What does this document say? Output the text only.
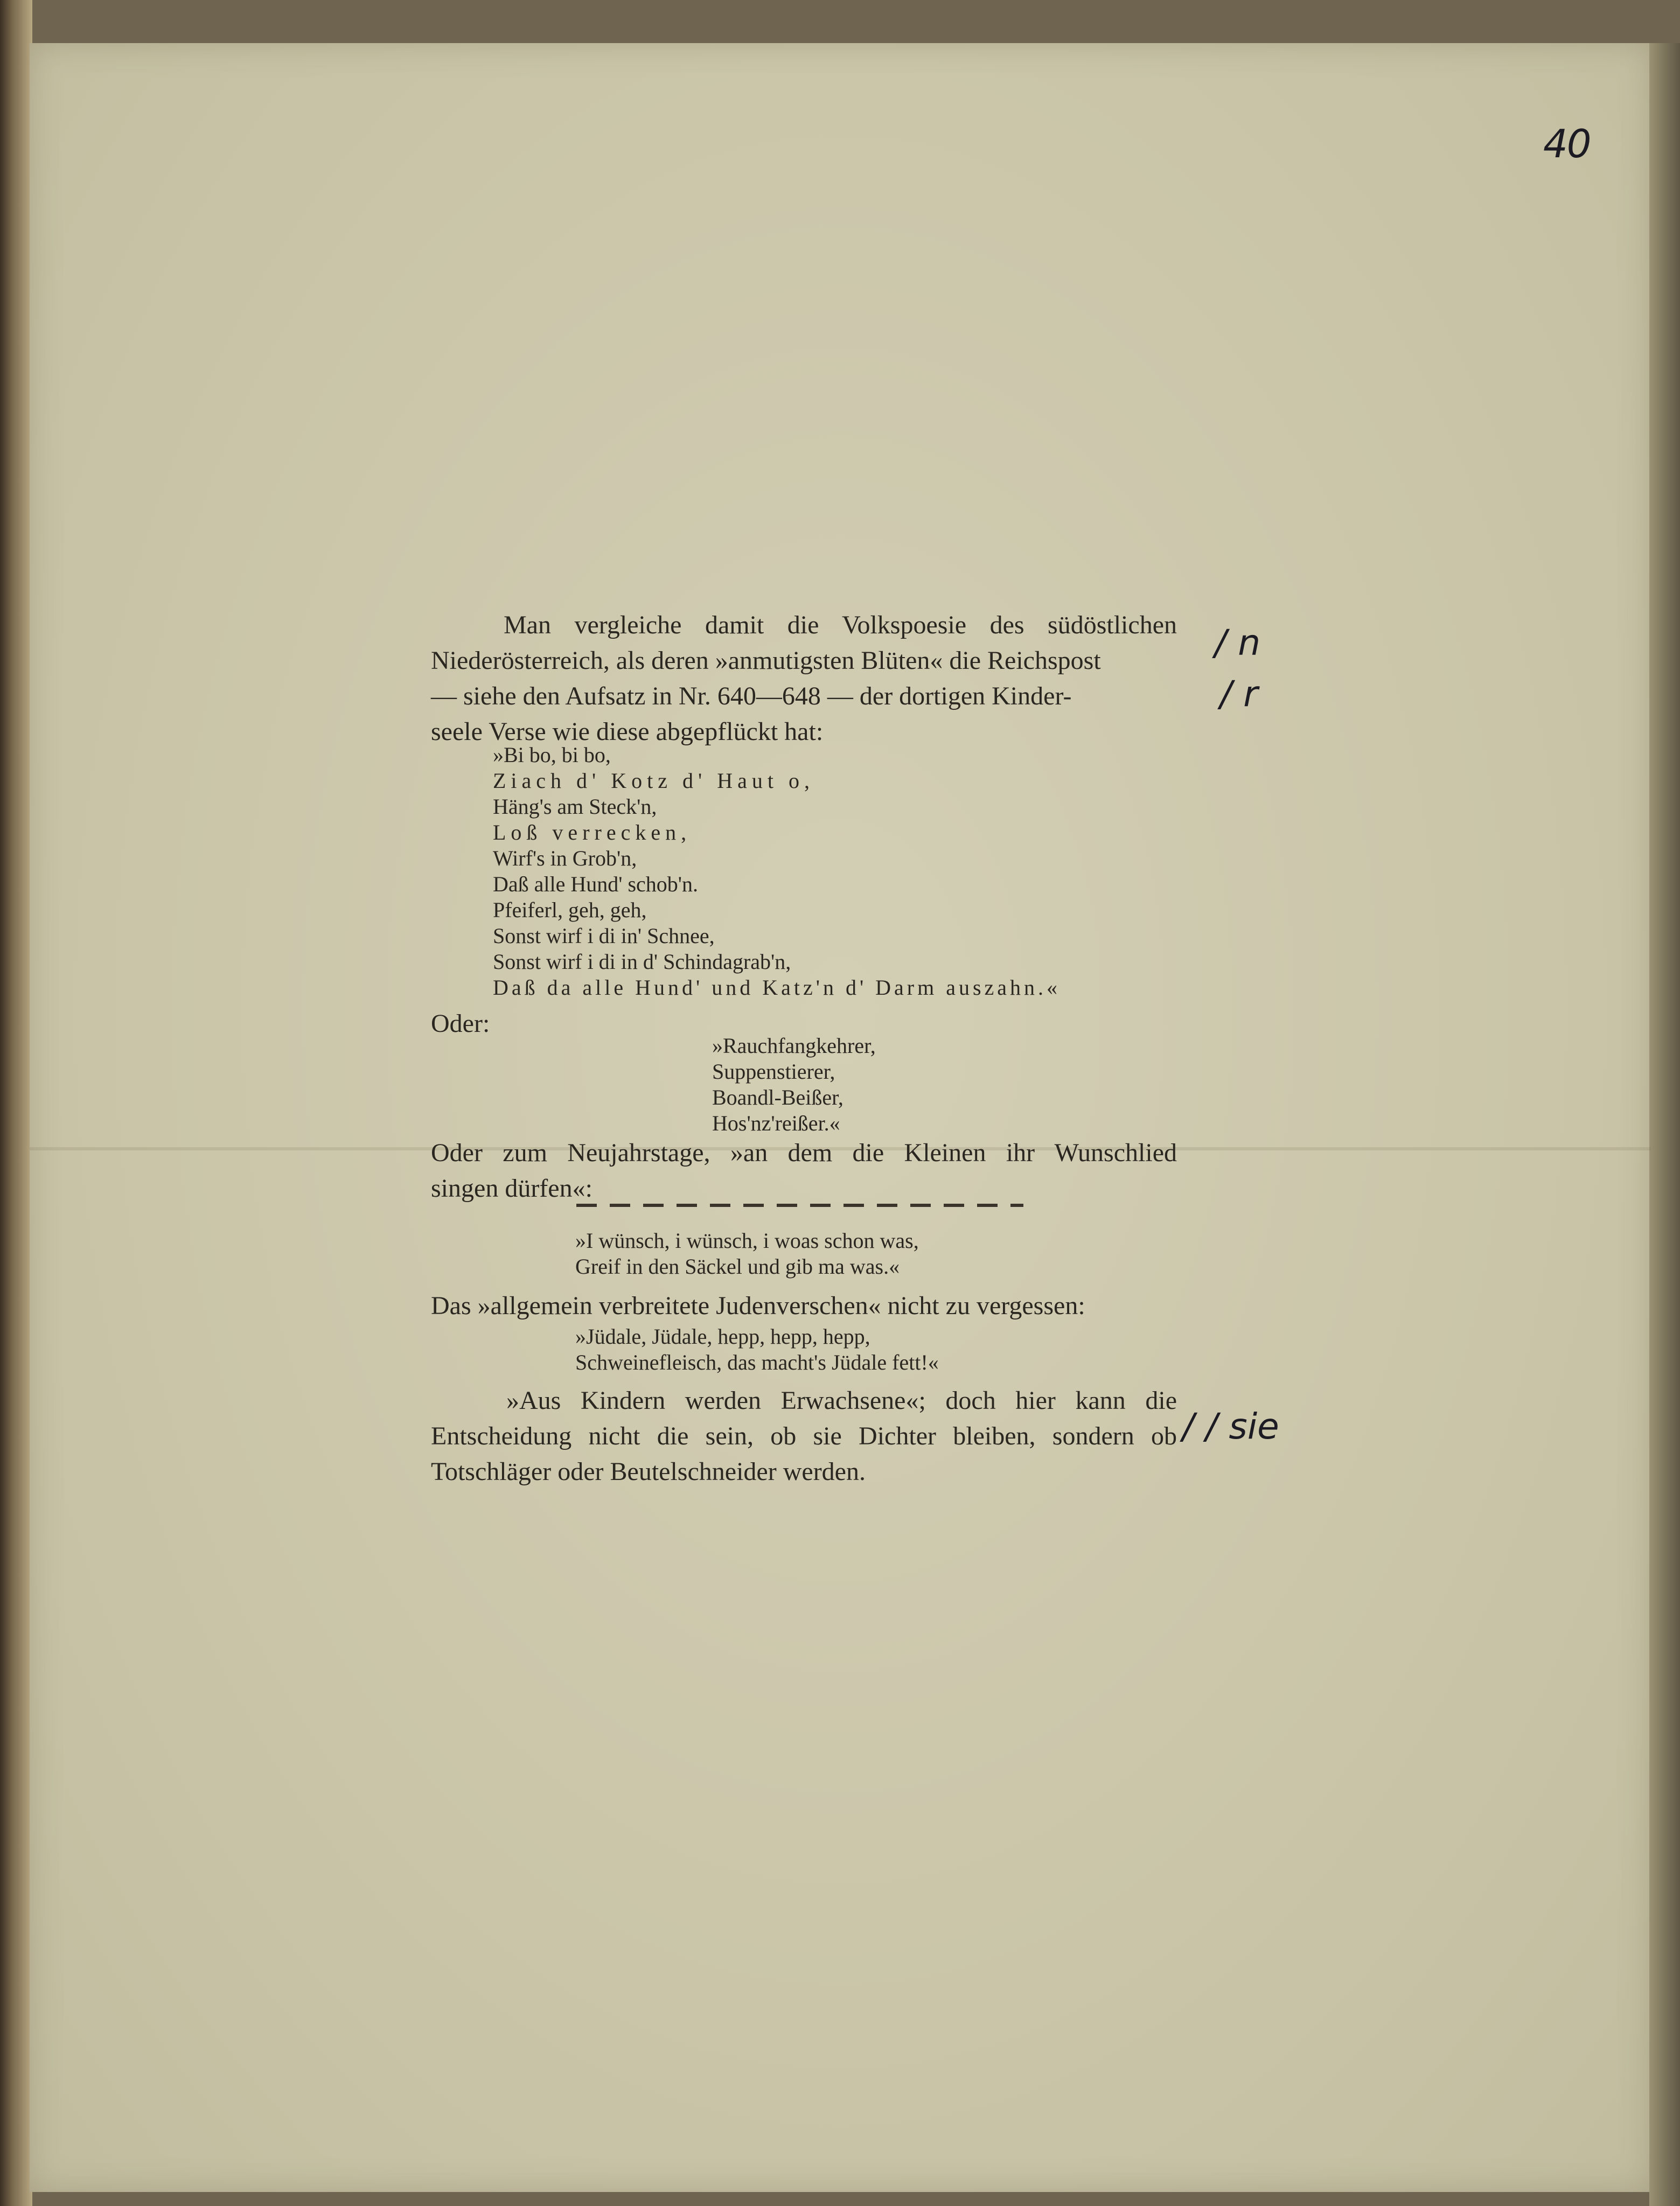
40
Man vergleiche damit die Volkspoesie des südöstlichen
Niederösterreich, als deren »anmutigsten Blüten« die Reichspost
— siehe den Aufsatz in Nr. 640—648 — der dortigen Kinder-
seele Verse wie diese abgepflückt hat:
»Bi bo, bi bo,
Ziach d' Kotz d' Haut o,
Häng's am Steck'n,
Loß verrecken,
Wirf's in Grob'n,
Daß alle Hund' schob'n.
Pfeiferl, geh, geh,
Sonst wirf i di in' Schnee,
Sonst wirf i di in d' Schindagrab'n,
Daß da alle Hund' und Katz'n d' Darm auszahn.«
Oder:
»Rauchfangkehrer,
Suppenstierer,
Boandl-Beißer,
Hos'nz'reißer.«
Oder zum Neujahrstage, »an dem die Kleinen ihr Wunschlied
singen dürfen«:
»I wünsch, i wünsch, i woas schon was,
Greif in den Säckel und gib ma was.«
Das »allgemein verbreitete Judenverschen« nicht zu vergessen:
»Jüdale, Jüdale, hepp, hepp, hepp,
Schweinefleisch, das macht's Jüdale fett!«
»Aus Kindern werden Erwachsene«; doch hier kann die
Entscheidung nicht die sein, ob sie Dichter bleiben, sondern ob
Totschläger oder Beutelschneider werden.
/ n
/ r
/ / sie
